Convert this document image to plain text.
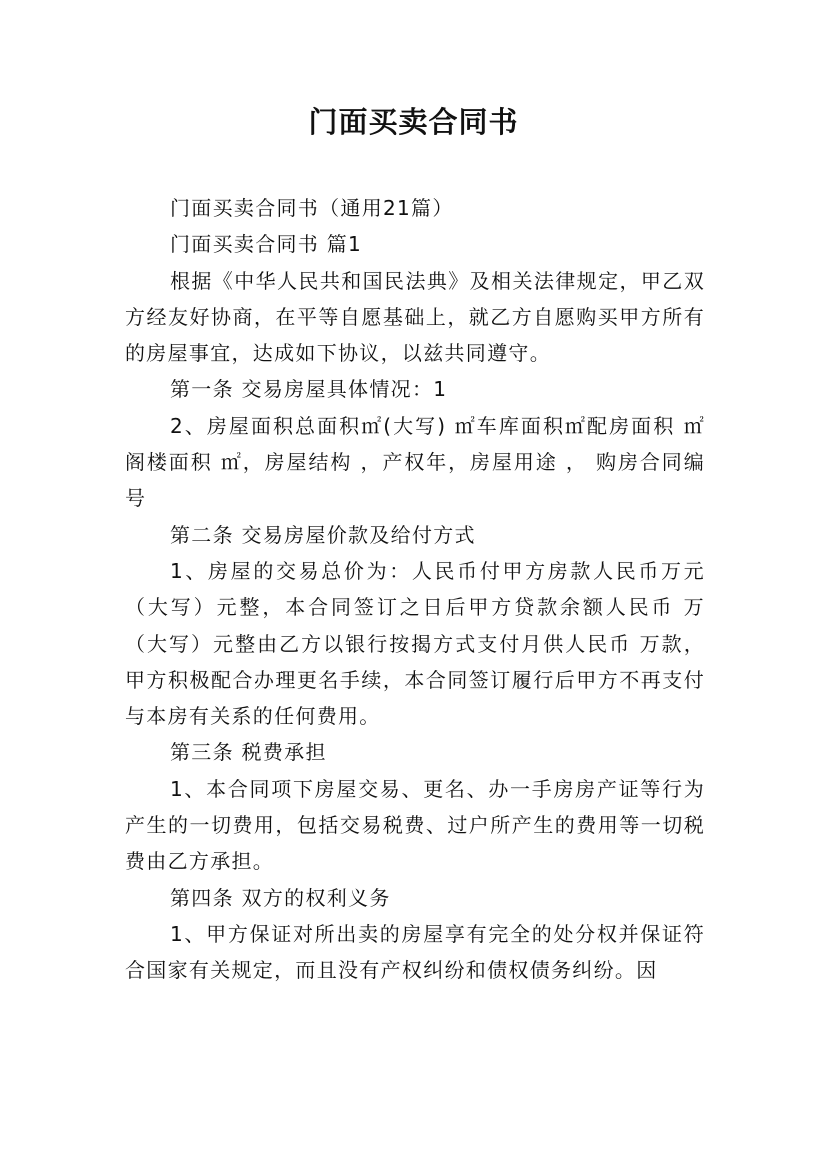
门面买卖合同书

门面买卖合同书（通用21篇）

门面买卖合同书 篇1

根据《中华人民共和国民法典》及相关法律规定，甲乙双方经友好协商，在平等自愿基础上，就乙方自愿购买甲方所有的房屋事宜，达成如下协议，以兹共同遵守。

第一条 交易房屋具体情况：1

2、房屋面积总面积㎡(大写) ㎡车库面积㎡配房面积 ㎡阁楼面积 ㎡，房屋结构 ，产权年，房屋用途 ， 购房合同编号

第二条 交易房屋价款及给付方式

1、房屋的交易总价为：人民币付甲方房款人民币万元（大写）元整，本合同签订之日后甲方贷款余额人民币 万（大写）元整由乙方以银行按揭方式支付月供人民币 万款，甲方积极配合办理更名手续，本合同签订履行后甲方不再支付与本房有关系的任何费用。

第三条 税费承担

1、本合同项下房屋交易、更名、办一手房房产证等行为产生的一切费用，包括交易税费、过户所产生的费用等一切税费由乙方承担。

第四条 双方的权利义务

1、甲方保证对所出卖的房屋享有完全的处分权并保证符合国家有关规定，而且没有产权纠纷和债权债务纠纷。因
